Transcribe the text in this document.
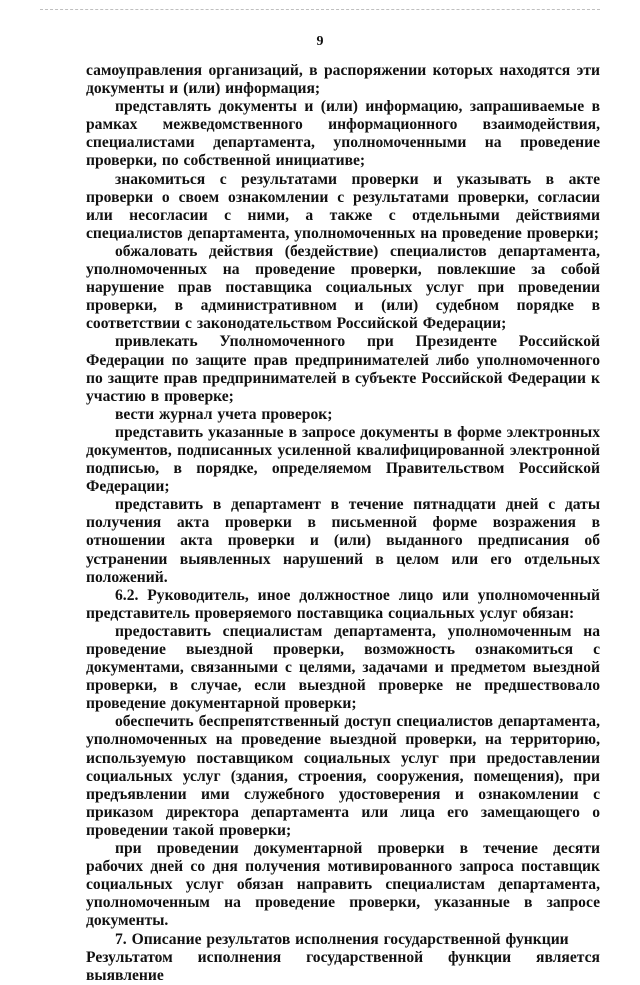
9

самоуправления организаций, в распоряжении которых находятся эти документы и (или) информация;

представлять документы и (или) информацию, запрашиваемые в рамках межведомственного информационного взаимодействия, специалистами департамента, уполномоченными на проведение проверки, по собственной инициативе;

знакомиться с результатами проверки и указывать в акте проверки о своем ознакомлении с результатами проверки, согласии или несогласии с ними, а также с отдельными действиями специалистов департамента, уполномоченных на проведение проверки;

обжаловать действия (бездействие) специалистов департамента, уполномоченных на проведение проверки, повлекшие за собой нарушение прав поставщика социальных услуг при проведении проверки, в административном и (или) судебном порядке в соответствии с законодательством Российской Федерации;

привлекать Уполномоченного при Президенте Российской Федерации по защите прав предпринимателей либо уполномоченного по защите прав предпринимателей в субъекте Российской Федерации к участию в проверке;

вести журнал учета проверок;

представить указанные в запросе документы в форме электронных документов, подписанных усиленной квалифицированной электронной подписью, в порядке, определяемом Правительством Российской Федерации;

представить в департамент в течение пятнадцати дней с даты получения акта проверки в письменной форме возражения в отношении акта проверки и (или) выданного предписания об устранении выявленных нарушений в целом или его отдельных положений.

6.2. Руководитель, иное должностное лицо или уполномоченный представитель проверяемого поставщика социальных услуг обязан:

предоставить специалистам департамента, уполномоченным на проведение выездной проверки, возможность ознакомиться с документами, связанными с целями, задачами и предметом выездной проверки, в случае, если выездной проверке не предшествовало проведение документарной проверки;

обеспечить беспрепятственный доступ специалистов департамента, уполномоченных на проведение выездной проверки, на территорию, используемую поставщиком социальных услуг при предоставлении социальных услуг (здания, строения, сооружения, помещения), при предъявлении ими служебного удостоверения и ознакомлении с приказом директора департамента или лица его замещающего о проведении такой проверки;

при проведении документарной проверки в течение десяти рабочих дней со дня получения мотивированного запроса поставщик социальных услуг обязан направить специалистам департамента, уполномоченным на проведение проверки, указанные в запросе документы.

7. Описание результатов исполнения государственной функции

Результатом исполнения государственной функции является выявление
